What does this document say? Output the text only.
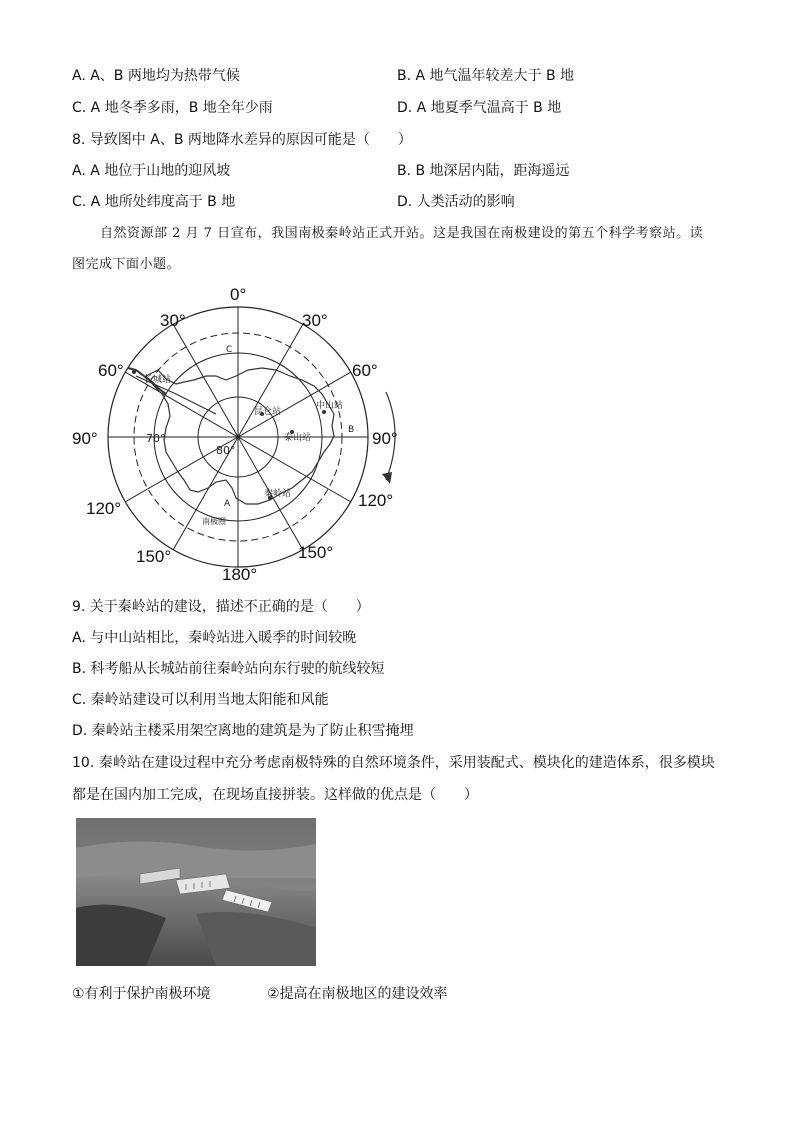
A. A、B 两地均为热带气候	B. A 地气温年较差大于 B 地
C. A 地冬季多雨，B 地全年少雨	D. A 地夏季气温高于 B 地
8. 导致图中 A、B 两地降水差异的原因可能是（　　）
A. A 地位于山地的迎风坡	B. B 地深居内陆，距海遥远
C. A 地所处纬度高于 B 地	D. 人类活动的影响
自然资源部 2 月 7 日宣布，我国南极秦岭站正式开站。这是我国在南极建设的第五个科学考察站。读
图完成下面小题。
0°
30°	30°
60°	60°
90°	90°
120°	120°
150°	150°
180°
80°
70°
长城站
昆仑站
中山站
泰山站
秦岭站
A
B
C
南极圈
9. 关于秦岭站的建设，描述不正确的是（　　）
A. 与中山站相比，秦岭站进入暖季的时间较晚
B. 科考船从长城站前往秦岭站向东行驶的航线较短
C. 秦岭站建设可以利用当地太阳能和风能
D. 秦岭站主楼采用架空离地的建筑是为了防止积雪掩埋
10. 秦岭站在建设过程中充分考虑南极特殊的自然环境条件，采用装配式、模块化的建造体系，很多模块
都是在国内加工完成，在现场直接拼装。这样做的优点是（　　）
①有利于保护南极环境	②提高在南极地区的建设效率
